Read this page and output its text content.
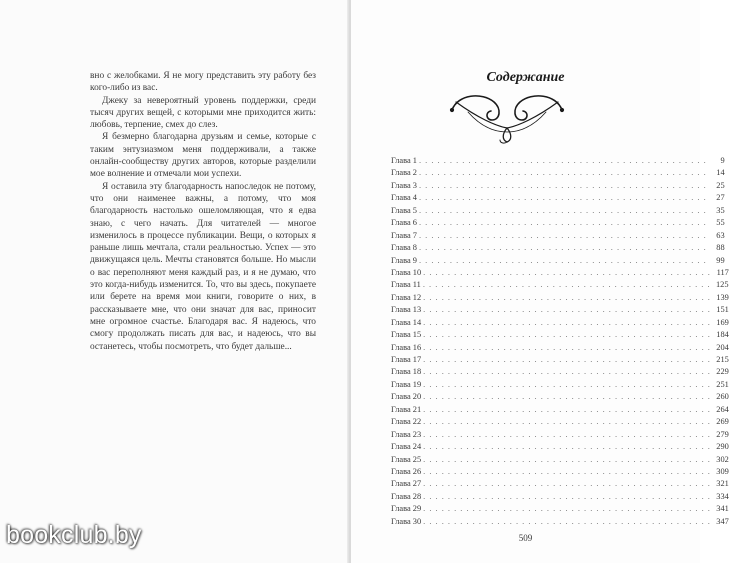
вно с желобками. Я не могу представить эту работу без кого-либо из вас.

Джеку за невероятный уровень поддержки, среди тысяч других вещей, с которыми мне приходится жить: любовь, терпение, смех до слез.

Я безмерно благодарна друзьям и семье, которые с таким энтузиазмом меня поддерживали, а также онлайн-сообществу других авторов, которые разделили мое волнение и отмечали мои успехи.

Я оставила эту благодарность напоследок не потому, что они наименее важны, а потому, что моя благодарность настолько ошеломляющая, что я едва знаю, с чего начать. Для читателей — многое изменилось в процессе публикации. Вещи, о которых я раньше лишь мечтала, стали реальностью. Успех — это движущаяся цель. Мечты становятся больше. Но мысли о вас переполняют меня каждый раз, и я не думаю, что это когда-нибудь изменится. То, что вы здесь, покупаете или берете на время мои книги, говорите о них, в рассказываете мне, что они значат для вас, приносит мне огромное счастье. Благодаря вас. Я надеюсь, что смогу продолжать писать для вас, и надеюсь, что вы останетесь, чтобы посмотреть, что будет дальше...

Содержание
Глава 1 . . . . . . . . . . . . . . . . . . . . . . . . . . . . . . . . . . . . . . . . . . . . . . .	9
Глава 2 . . . . . . . . . . . . . . . . . . . . . . . . . . . . . . . . . . . . . . . . . . . . . . .	14
Глава 3 . . . . . . . . . . . . . . . . . . . . . . . . . . . . . . . . . . . . . . . . . . . . . . .	25
Глава 4 . . . . . . . . . . . . . . . . . . . . . . . . . . . . . . . . . . . . . . . . . . . . . . .	27
Глава 5 . . . . . . . . . . . . . . . . . . . . . . . . . . . . . . . . . . . . . . . . . . . . . . .	35
Глава 6 . . . . . . . . . . . . . . . . . . . . . . . . . . . . . . . . . . . . . . . . . . . . . . .	55
Глава 7 . . . . . . . . . . . . . . . . . . . . . . . . . . . . . . . . . . . . . . . . . . . . . . .	63
Глава 8 . . . . . . . . . . . . . . . . . . . . . . . . . . . . . . . . . . . . . . . . . . . . . . .	88
Глава 9 . . . . . . . . . . . . . . . . . . . . . . . . . . . . . . . . . . . . . . . . . . . . . . .	99
Глава 10 . . . . . . . . . . . . . . . . . . . . . . . . . . . . . . . . . . . . . . . . . . . . . . . 117
Глава 11 . . . . . . . . . . . . . . . . . . . . . . . . . . . . . . . . . . . . . . . . . . . . . . . 125
Глава 12 . . . . . . . . . . . . . . . . . . . . . . . . . . . . . . . . . . . . . . . . . . . . . . . 139
Глава 13 . . . . . . . . . . . . . . . . . . . . . . . . . . . . . . . . . . . . . . . . . . . . . . . 151
Глава 14 . . . . . . . . . . . . . . . . . . . . . . . . . . . . . . . . . . . . . . . . . . . . . . . 169
Глава 15 . . . . . . . . . . . . . . . . . . . . . . . . . . . . . . . . . . . . . . . . . . . . . . . 184
Глава 16 . . . . . . . . . . . . . . . . . . . . . . . . . . . . . . . . . . . . . . . . . . . . . . . 204
Глава 17 . . . . . . . . . . . . . . . . . . . . . . . . . . . . . . . . . . . . . . . . . . . . . . . 215
Глава 18 . . . . . . . . . . . . . . . . . . . . . . . . . . . . . . . . . . . . . . . . . . . . . . . 229
Глава 19 . . . . . . . . . . . . . . . . . . . . . . . . . . . . . . . . . . . . . . . . . . . . . . . 251
Глава 20 . . . . . . . . . . . . . . . . . . . . . . . . . . . . . . . . . . . . . . . . . . . . . . . 260
Глава 21 . . . . . . . . . . . . . . . . . . . . . . . . . . . . . . . . . . . . . . . . . . . . . . . 264
Глава 22 . . . . . . . . . . . . . . . . . . . . . . . . . . . . . . . . . . . . . . . . . . . . . . . 269
Глава 23 . . . . . . . . . . . . . . . . . . . . . . . . . . . . . . . . . . . . . . . . . . . . . . . 279
Глава 24 . . . . . . . . . . . . . . . . . . . . . . . . . . . . . . . . . . . . . . . . . . . . . . . 290
Глава 25 . . . . . . . . . . . . . . . . . . . . . . . . . . . . . . . . . . . . . . . . . . . . . . . 302
Глава 26 . . . . . . . . . . . . . . . . . . . . . . . . . . . . . . . . . . . . . . . . . . . . . . . 309
Глава 27 . . . . . . . . . . . . . . . . . . . . . . . . . . . . . . . . . . . . . . . . . . . . . . . 321
Глава 28 . . . . . . . . . . . . . . . . . . . . . . . . . . . . . . . . . . . . . . . . . . . . . . . 334
Глава 29 . . . . . . . . . . . . . . . . . . . . . . . . . . . . . . . . . . . . . . . . . . . . . . . 341
Глава 30 . . . . . . . . . . . . . . . . . . . . . . . . . . . . . . . . . . . . . . . . . . . . . . . 347
509
bookclub.by
